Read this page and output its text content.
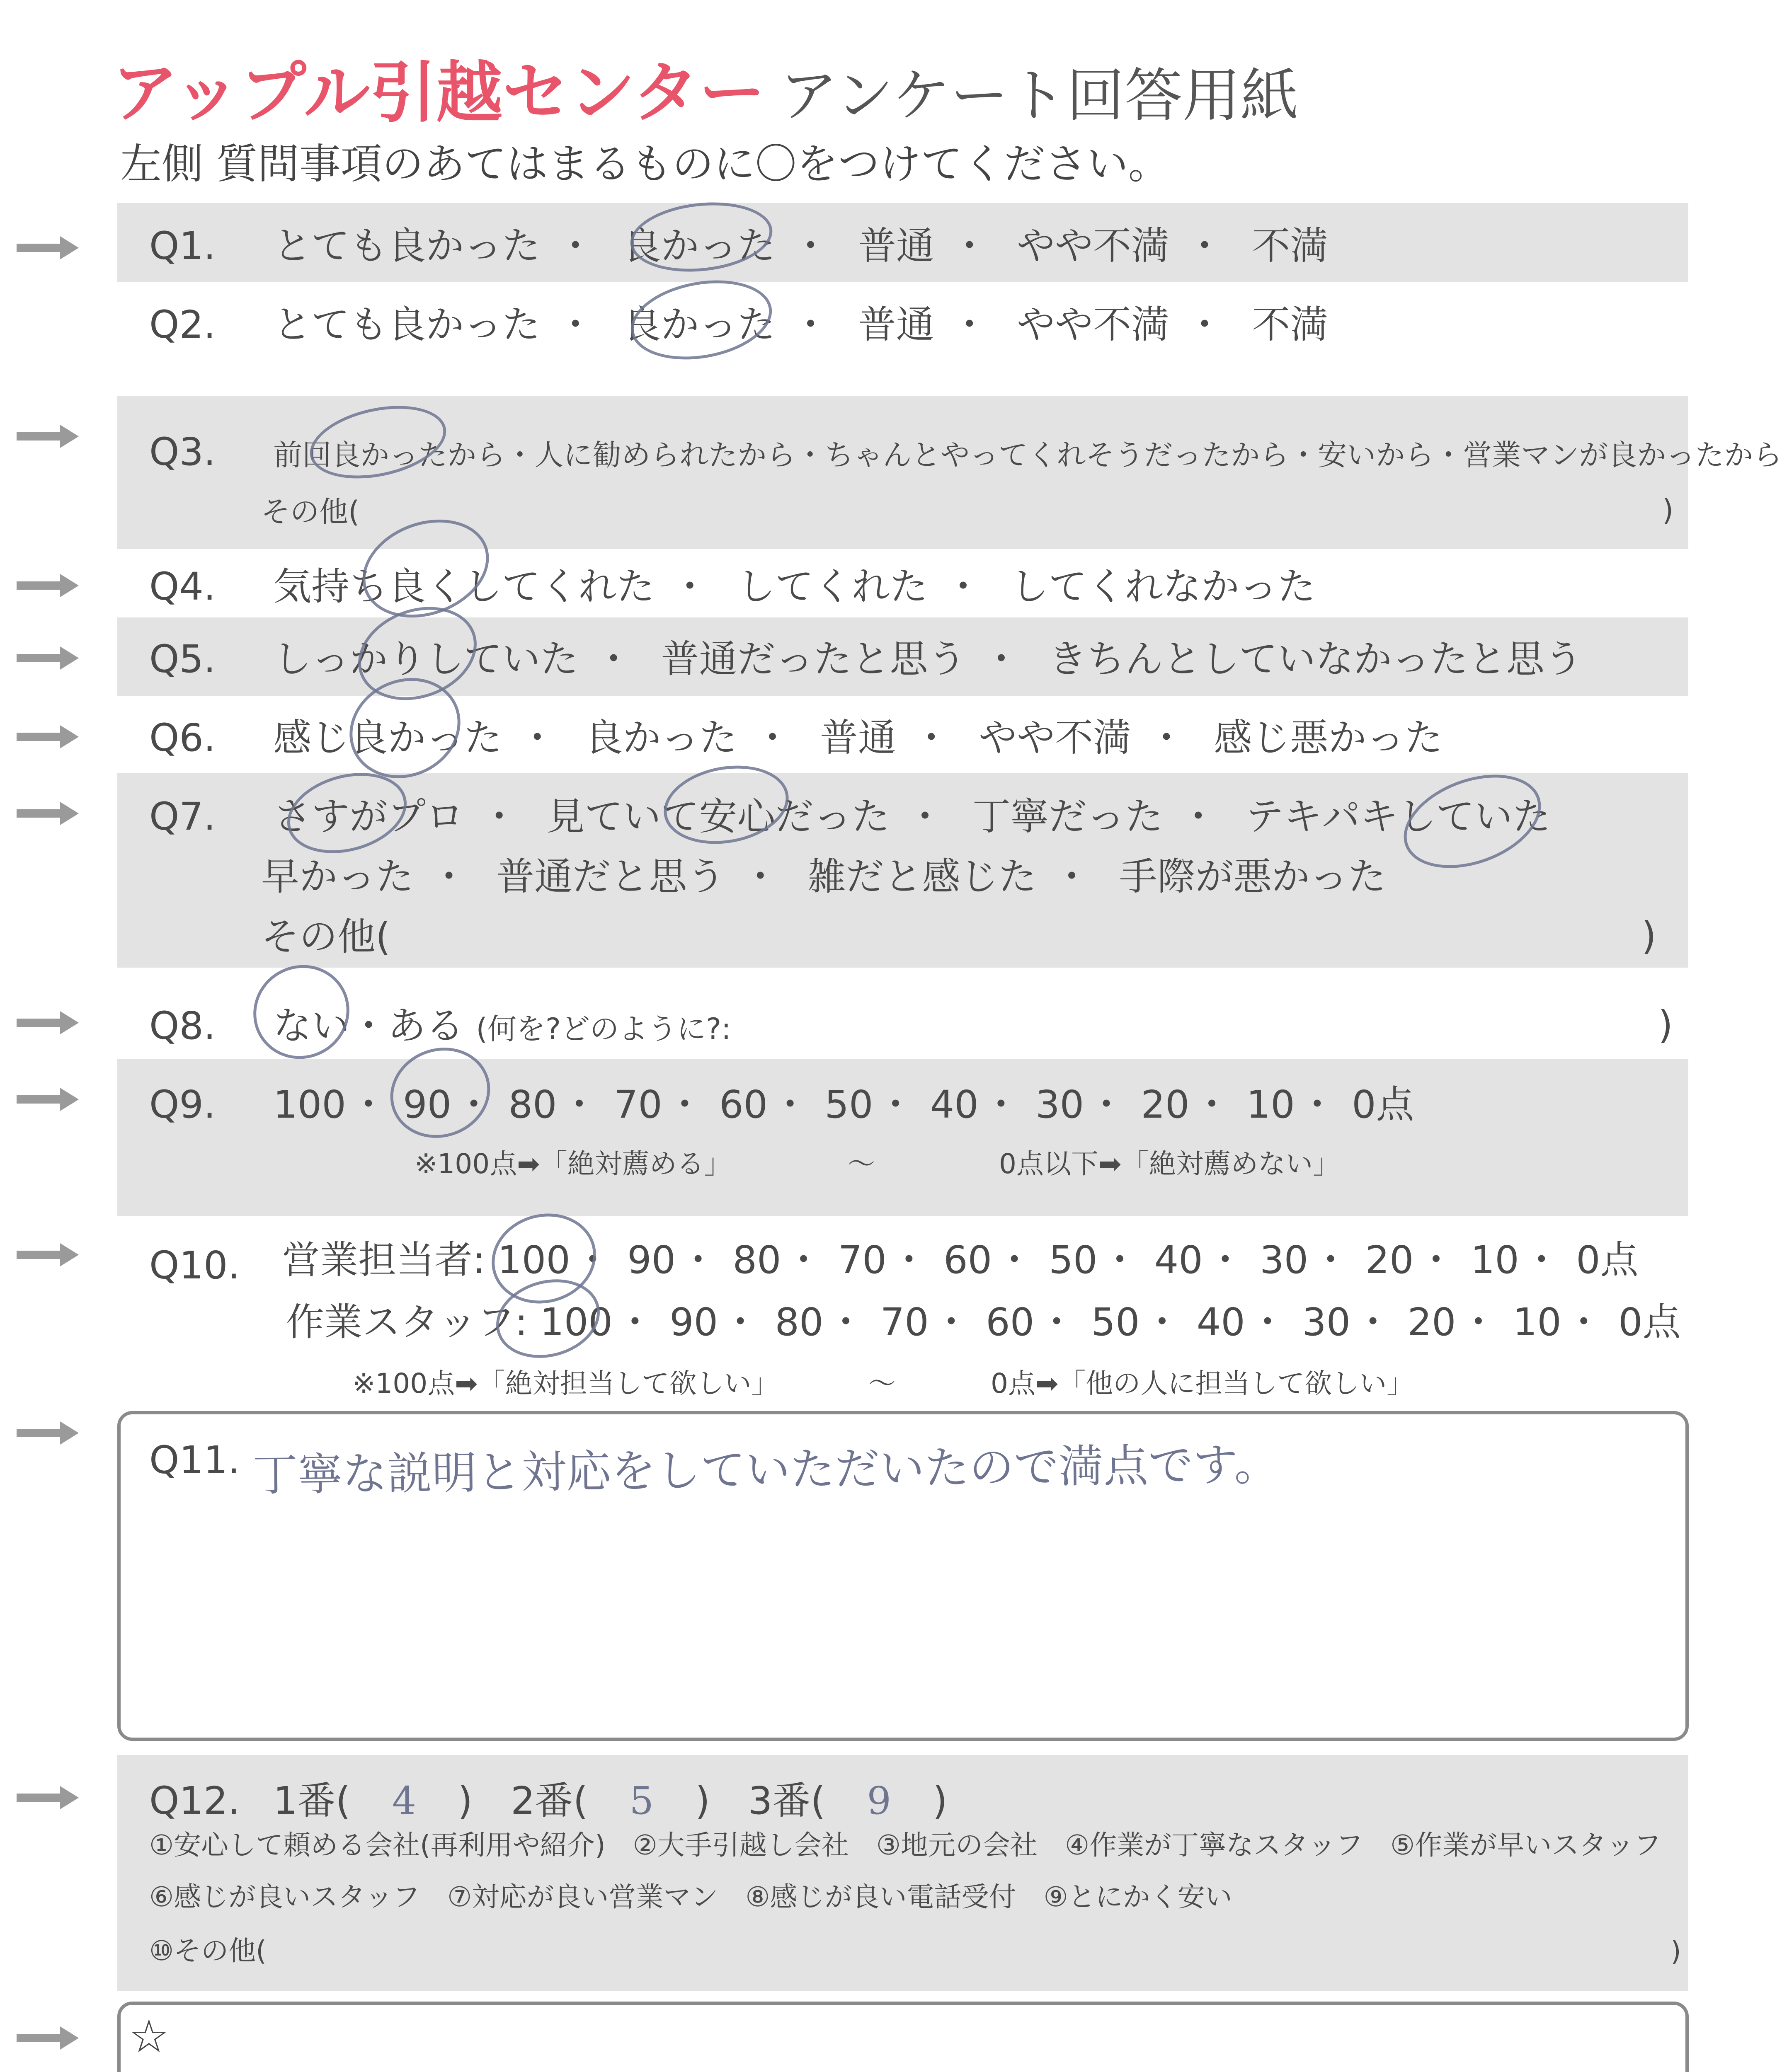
アップル引越センター アンケート回答用紙
左側 質問事項のあてはまるものに〇をつけてください。
Q1. とても良かった ・ 良かった ・ 普通 ・ やや不満 ・ 不満
Q2. とても良かった ・ 良かった ・ 普通 ・ やや不満 ・ 不満
Q3. 前回良かったから・人に勧められたから・ちゃんとやってくれそうだったから・安いから・営業マンが良かったから
その他(	)
Q4. 気持ち良くしてくれた ・ してくれた ・ してくれなかった
Q5. しっかりしていた ・ 普通だったと思う ・ きちんとしていなかったと思う
Q6. 感じ良かった ・ 良かった ・ 普通 ・ やや不満 ・ 感じ悪かった
Q7. さすがプロ ・ 見ていて安心だった ・ 丁寧だった ・ テキパキしていた
早かった ・ 普通だと思う ・ 雑だと感じた ・ 手際が悪かった
その他(	)
Q8. ない・ある (何を?どのように?:	)
Q9. 100・ 90・ 80・ 70・ 60・ 50・ 40・ 30・ 20・ 10・ 0点
※100点➡「絶対薦める」	～	0点以下➡「絶対薦めない」
Q10. 営業担当者: 100・ 90・ 80・ 70・ 60・ 50・ 40・ 30・ 20・ 10・ 0点
作業スタッフ: 100・ 90・ 80・ 70・ 60・ 50・ 40・ 30・ 20・ 10・ 0点
※100点➡「絶対担当して欲しい」	～	0点➡「他の人に担当して欲しい」
Q11. 丁寧な説明と対応をしていただいたので満点です。
Q12. 1番( 4 )　2番( 5 )　3番( 9 )
①安心して頼める会社(再利用や紹介)　②大手引越し会社　③地元の会社　④作業が丁寧なスタッフ　⑤作業が早いスタッフ
⑥感じが良いスタッフ　⑦対応が良い営業マン　⑧感じが良い電話受付　⑨とにかく安い
⑩その他(	)
☆
